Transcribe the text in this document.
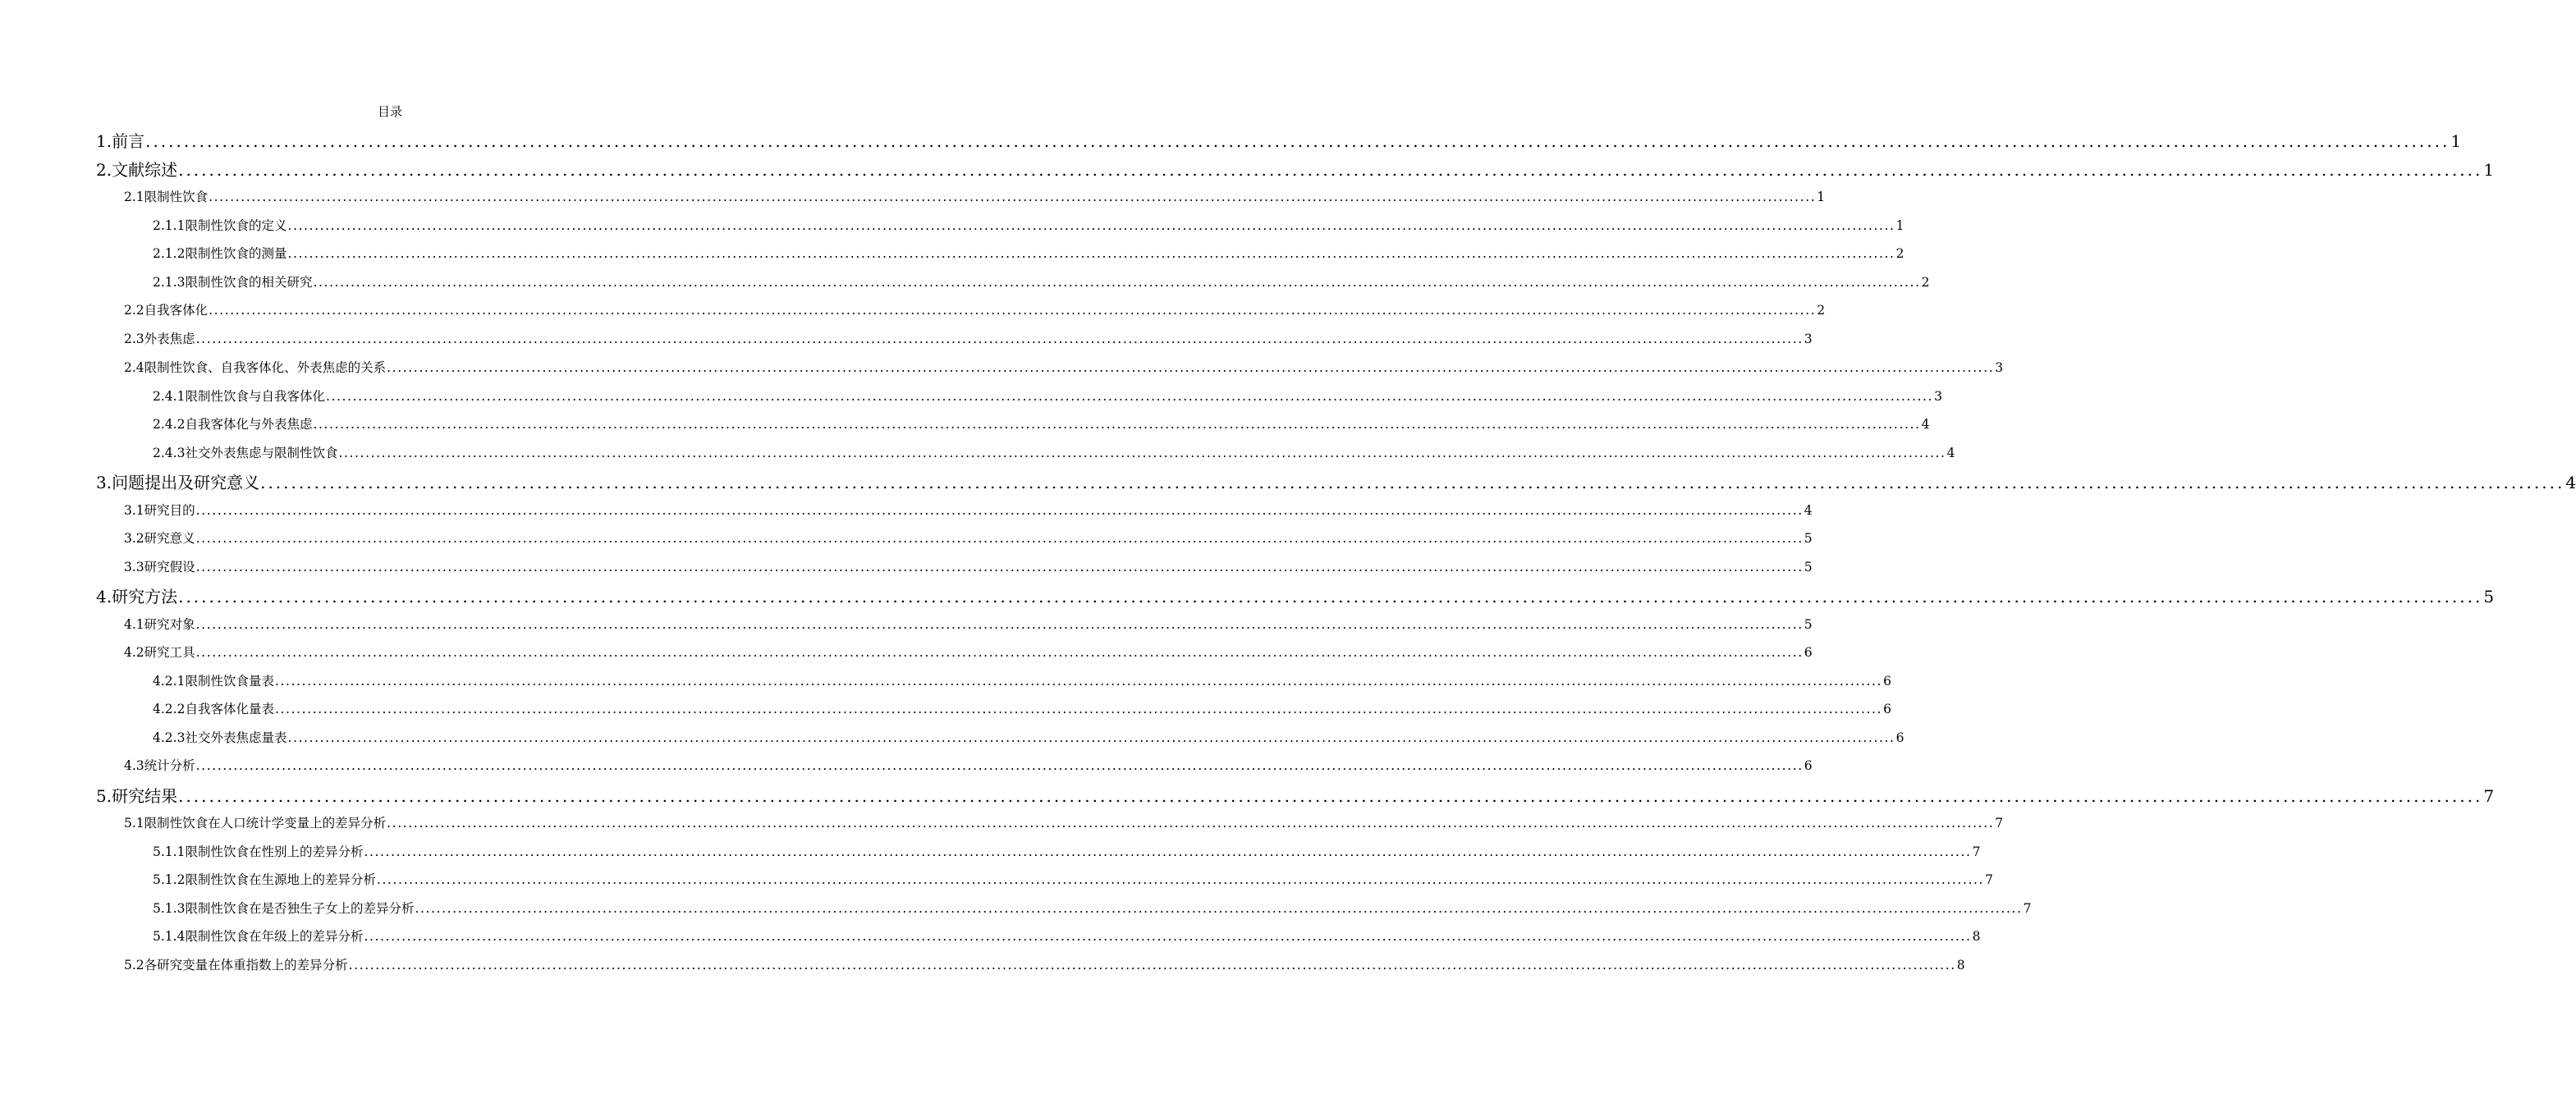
目录
1.前言 ............................................................................................................................................................................................................................................................................................................ 1
2.文献综述 ............................................................................................................................................................................................................................................................................................................ 1
2.1限制性饮食 ............................................................................................................................................................................................................................................................................................................ 1
2.1.1限制性饮食的定义 ............................................................................................................................................................................................................................................................................................................ 1
2.1.2限制性饮食的测量 ............................................................................................................................................................................................................................................................................................................ 2
2.1.3限制性饮食的相关研究 ............................................................................................................................................................................................................................................................................................................ 2
2.2自我客体化 ............................................................................................................................................................................................................................................................................................................ 2
2.3外表焦虑 ............................................................................................................................................................................................................................................................................................................ 3
2.4限制性饮食、自我客体化、外表焦虑的关系 ............................................................................................................................................................................................................................................................................................................ 3
2.4.1限制性饮食与自我客体化 ............................................................................................................................................................................................................................................................................................................ 3
2.4.2自我客体化与外表焦虑 ............................................................................................................................................................................................................................................................................................................ 4
2.4.3社交外表焦虑与限制性饮食 ............................................................................................................................................................................................................................................................................................................ 4
3.问题提出及研究意义 ............................................................................................................................................................................................................................................................................................................ 4
3.1研究目的 ............................................................................................................................................................................................................................................................................................................ 4
3.2研究意义 ............................................................................................................................................................................................................................................................................................................ 5
3.3研究假设 ............................................................................................................................................................................................................................................................................................................ 5
4.研究方法 ............................................................................................................................................................................................................................................................................................................ 5
4.1研究对象 ............................................................................................................................................................................................................................................................................................................ 5
4.2研究工具 ............................................................................................................................................................................................................................................................................................................ 6
4.2.1限制性饮食量表 ............................................................................................................................................................................................................................................................................................................ 6
4.2.2自我客体化量表 ............................................................................................................................................................................................................................................................................................................ 6
4.2.3社交外表焦虑量表 ............................................................................................................................................................................................................................................................................................................ 6
4.3统计分析 ............................................................................................................................................................................................................................................................................................................ 6
5.研究结果 ............................................................................................................................................................................................................................................................................................................ 7
5.1限制性饮食在人口统计学变量上的差异分析 ............................................................................................................................................................................................................................................................................................................ 7
5.1.1限制性饮食在性别上的差异分析 ............................................................................................................................................................................................................................................................................................................ 7
5.1.2限制性饮食在生源地上的差异分析 ............................................................................................................................................................................................................................................................................................................ 7
5.1.3限制性饮食在是否独生子女上的差异分析 ............................................................................................................................................................................................................................................................................................................ 7
5.1.4限制性饮食在年级上的差异分析 ............................................................................................................................................................................................................................................................................................................ 8
5.2各研究变量在体重指数上的差异分析 ............................................................................................................................................................................................................................................................................................................ 8
